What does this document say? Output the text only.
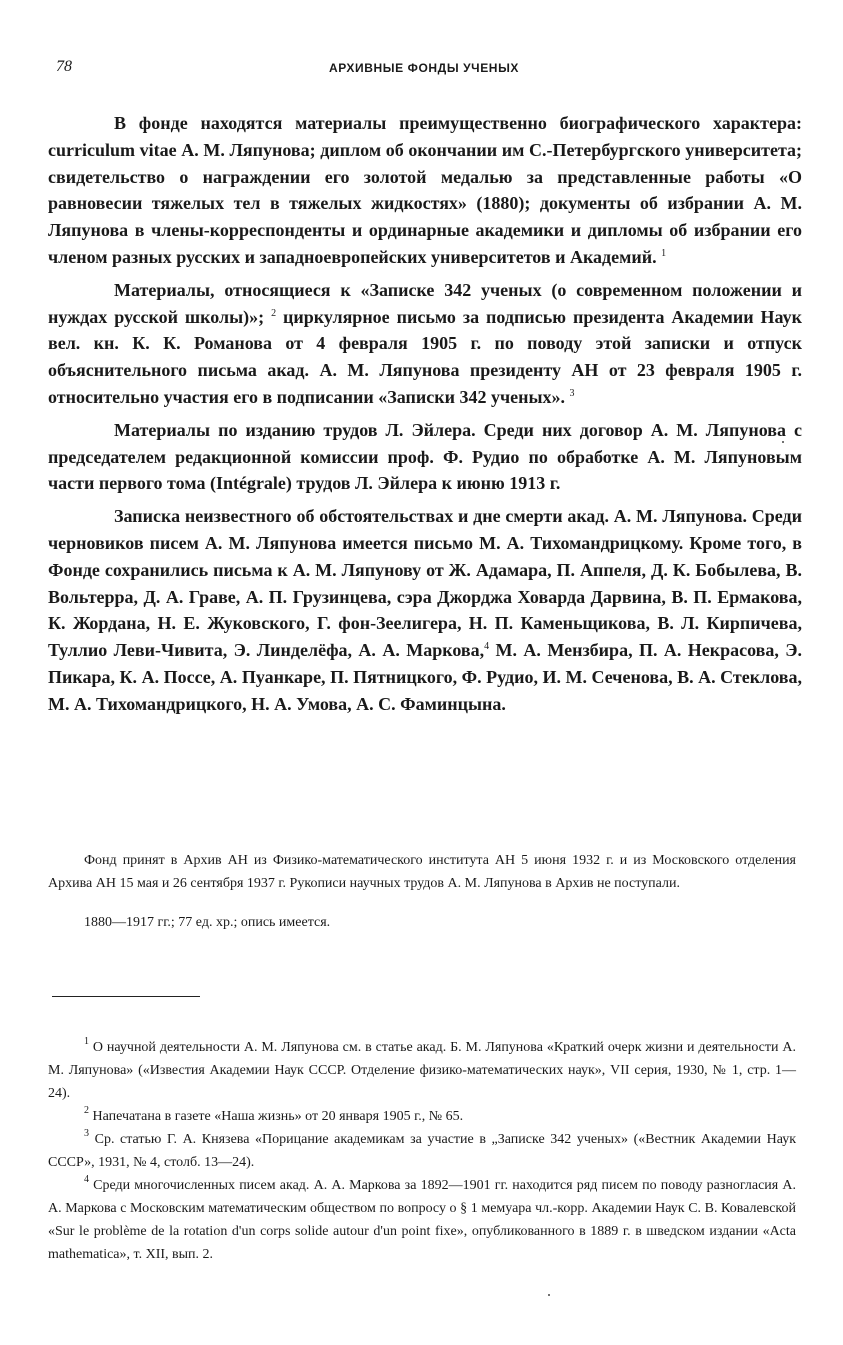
78	АРХИВНЫЕ ФОНДЫ УЧЕНЫХ

В фонде находятся материалы преимущественно биографического характера: curriculum vitae А. М. Ляпунова; диплом об окончании им С.-Петербургского университета; свидетельство о награждении его золотой медалью за представленные работы «О равновесии тяжелых тел в тяжелых жидкостях» (1880); документы об избрании А. М. Ляпунова в члены-корреспонденты и ординарные академики и дипломы об избрании его членом разных русских и западноевропейских университетов и Академий. $^1$

Материалы, относящиеся к «Записке 342 ученых (о современном положении и нуждах русской школы)»; $^2$ циркулярное письмо за подписью президента Академии Наук вел. кн. К. К. Романова от 4 февраля 1905 г. по поводу этой записки и отпуск объяснительного письма акад. А. М. Ляпунова президенту АН от 23 февраля 1905 г. относительно участия его в подписании «Записки 342 ученых». $^3$

Материалы по изданию трудов Л. Эйлера. Среди них договор А. М. Ляпунова с председателем редакционной комиссии проф. Ф. Рудио по обработке А. М. Ляпуновым части первого тома (Intégrale) трудов Л. Эйлера к июню 1913 г.

Записка неизвестного об обстоятельствах и дне смерти акад. А. М. Ляпунова. Среди черновиков писем А. М. Ляпунова имеется письмо М. А. Тихомандрицкому. Кроме того, в Фонде сохранились письма к А. М. Ляпунову от Ж. Адамара, П. Аппеля, Д. К. Бобылева, В. Вольтерра, Д. А. Граве, А. П. Грузинцева, сэра Джорджа Ховарда Дарвина, В. П. Ермакова, К. Жордана, Н. Е. Жуковского, Г. фон-Зеелигера, Н. П. Каменьщикова, В. Л. Кирпичева, Туллио Леви-Чивита, Э. Линделёфа, А. А. Маркова,$^4$ М. А. Мензбира, П. А. Некрасова, Э. Пикара, К. А. Поссе, А. Пуанкаре, П. Пятницкого, Ф. Рудио, И. М. Сеченова, В. А. Стеклова, М. А. Тихомандрицкого, Н. А. Умова, А. С. Фаминцына.

Фонд принят в Архив АН из Физико-математического института АН 5 июня 1932 г. и из Московского отделения Архива АН 15 мая и 26 сентября 1937 г. Рукописи научных трудов А. М. Ляпунова в Архив не поступали.

1880—1917 гг.; 77 ед. хр.; опись имеется.

$^1$ О научной деятельности А. М. Ляпунова см. в статье акад. Б. М. Ляпунова «Краткий очерк жизни и деятельности А. М. Ляпунова» («Известия Академии Наук СССР. Отделение физико-математических наук», VII серия, 1930, № 1, стр. 1—24).

$^2$ Напечатана в газете «Наша жизнь» от 20 января 1905 г., № 65.

$^3$ Ср. статью Г. А. Князева «Порицание академикам за участие в „Записке 342 ученых» («Вестник Академии Наук СССР», 1931, № 4, столб. 13—24).

$^4$ Среди многочисленных писем акад. А. А. Маркова за 1892—1901 гг. находится ряд писем по поводу разногласия А. А. Маркова с Московским математическим обществом по вопросу о § 1 мемуара чл.-корр. Академии Наук С. В. Ковалевской «Sur le problème de la rotation d'un corps solide autour d'un point fixe», опубликованного в 1889 г. в шведском издании «Acta mathematica», т. XII, вып. 2.
